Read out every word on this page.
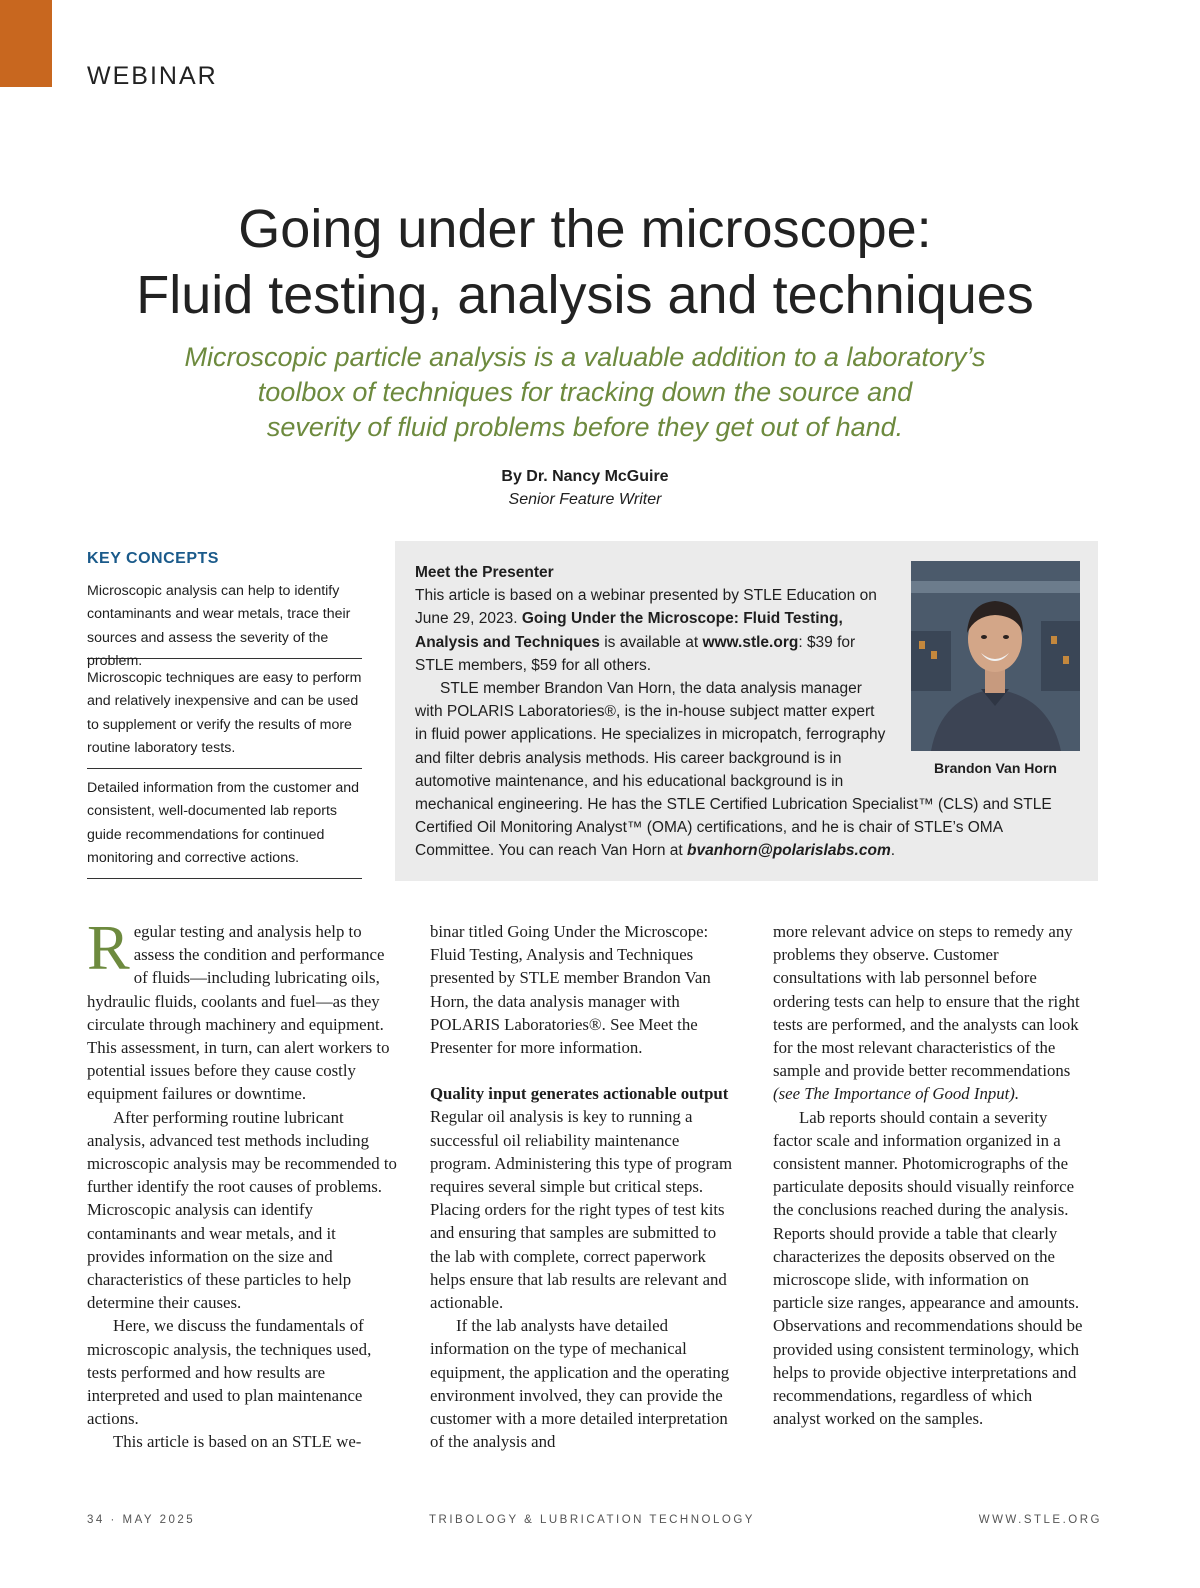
WEBINAR
Going under the microscope:
Fluid testing, analysis and techniques
Microscopic particle analysis is a valuable addition to a laboratory’s
toolbox of techniques for tracking down the source and
severity of fluid problems before they get out of hand.
By Dr. Nancy McGuire
Senior Feature Writer
KEY CONCEPTS
Microscopic analysis can help to identify contaminants and wear metals, trace their sources and assess the severity of the problem.
Microscopic techniques are easy to perform and relatively inexpensive and can be used to supplement or verify the results of more routine laboratory tests.
Detailed information from the customer and consistent, well-documented lab reports guide recommendations for continued monitoring and corrective actions.
Brandon Van Horn

Meet the Presenter
This article is based on a webinar presented by STLE Education on June 29, 2023. Going Under the Microscope: Fluid Testing, Analysis and Techniques is available at www.stle.org: $39 for STLE members, $59 for all others.

STLE member Brandon Van Horn, the data analysis manager with POLARIS Laboratories®, is the in-house subject matter expert in fluid power applications. He specializes in micropatch, ferrography and filter debris analysis methods. His career background is in automotive maintenance, and his educational background is in mechanical engineering. He has the STLE Certified Lubrication Specialist™ (CLS) and STLE Certified Oil Monitoring Analyst™ (OMA) certifications, and he is chair of STLE’s OMA Committee. You can reach Van Horn at bvanhorn@polarislabs.com.

Regular testing and analysis help to assess the condition and performance of fluids—including lubricating oils, hydraulic fluids, coolants and fuel—as they circulate through machinery and equipment. This assessment, in turn, can alert workers to potential issues before they cause costly equipment failures or downtime.

After performing routine lubricant analysis, advanced test methods including microscopic analysis may be recommended to further identify the root causes of problems. Microscopic analysis can identify contaminants and wear metals, and it provides information on the size and characteristics of these particles to help determine their causes.

Here, we discuss the fundamentals of microscopic analysis, the techniques used, tests performed and how results are interpreted and used to plan maintenance actions.

This article is based on an STLE we-

binar titled Going Under the Microscope: Fluid Testing, Analysis and Techniques presented by STLE member Brandon Van Horn, the data analysis manager with POLARIS Laboratories®. See Meet the Presenter for more information.

Quality input generates actionable output

Regular oil analysis is key to running a successful oil reliability maintenance program. Administering this type of program requires several simple but critical steps. Placing orders for the right types of test kits and ensuring that samples are submitted to the lab with complete, correct paperwork helps ensure that lab results are relevant and actionable.

If the lab analysts have detailed information on the type of mechanical equipment, the application and the operating environment involved, they can provide the customer with a more detailed interpretation of the analysis and

more relevant advice on steps to remedy any problems they observe. Customer consultations with lab personnel before ordering tests can help to ensure that the right tests are performed, and the analysts can look for the most relevant characteristics of the sample and provide better recommendations (see The Importance of Good Input).

Lab reports should contain a severity factor scale and information organized in a consistent manner. Photomicrographs of the particulate deposits should visually reinforce the conclusions reached during the analysis. Reports should provide a table that clearly characterizes the deposits observed on the microscope slide, with information on particle size ranges, appearance and amounts. Observations and recommendations should be provided using consistent terminology, which helps to provide objective interpretations and recommendations, regardless of which analyst worked on the samples.

34 · MAY 2025	TRIBOLOGY & LUBRICATION TECHNOLOGY	WWW.STLE.ORG
